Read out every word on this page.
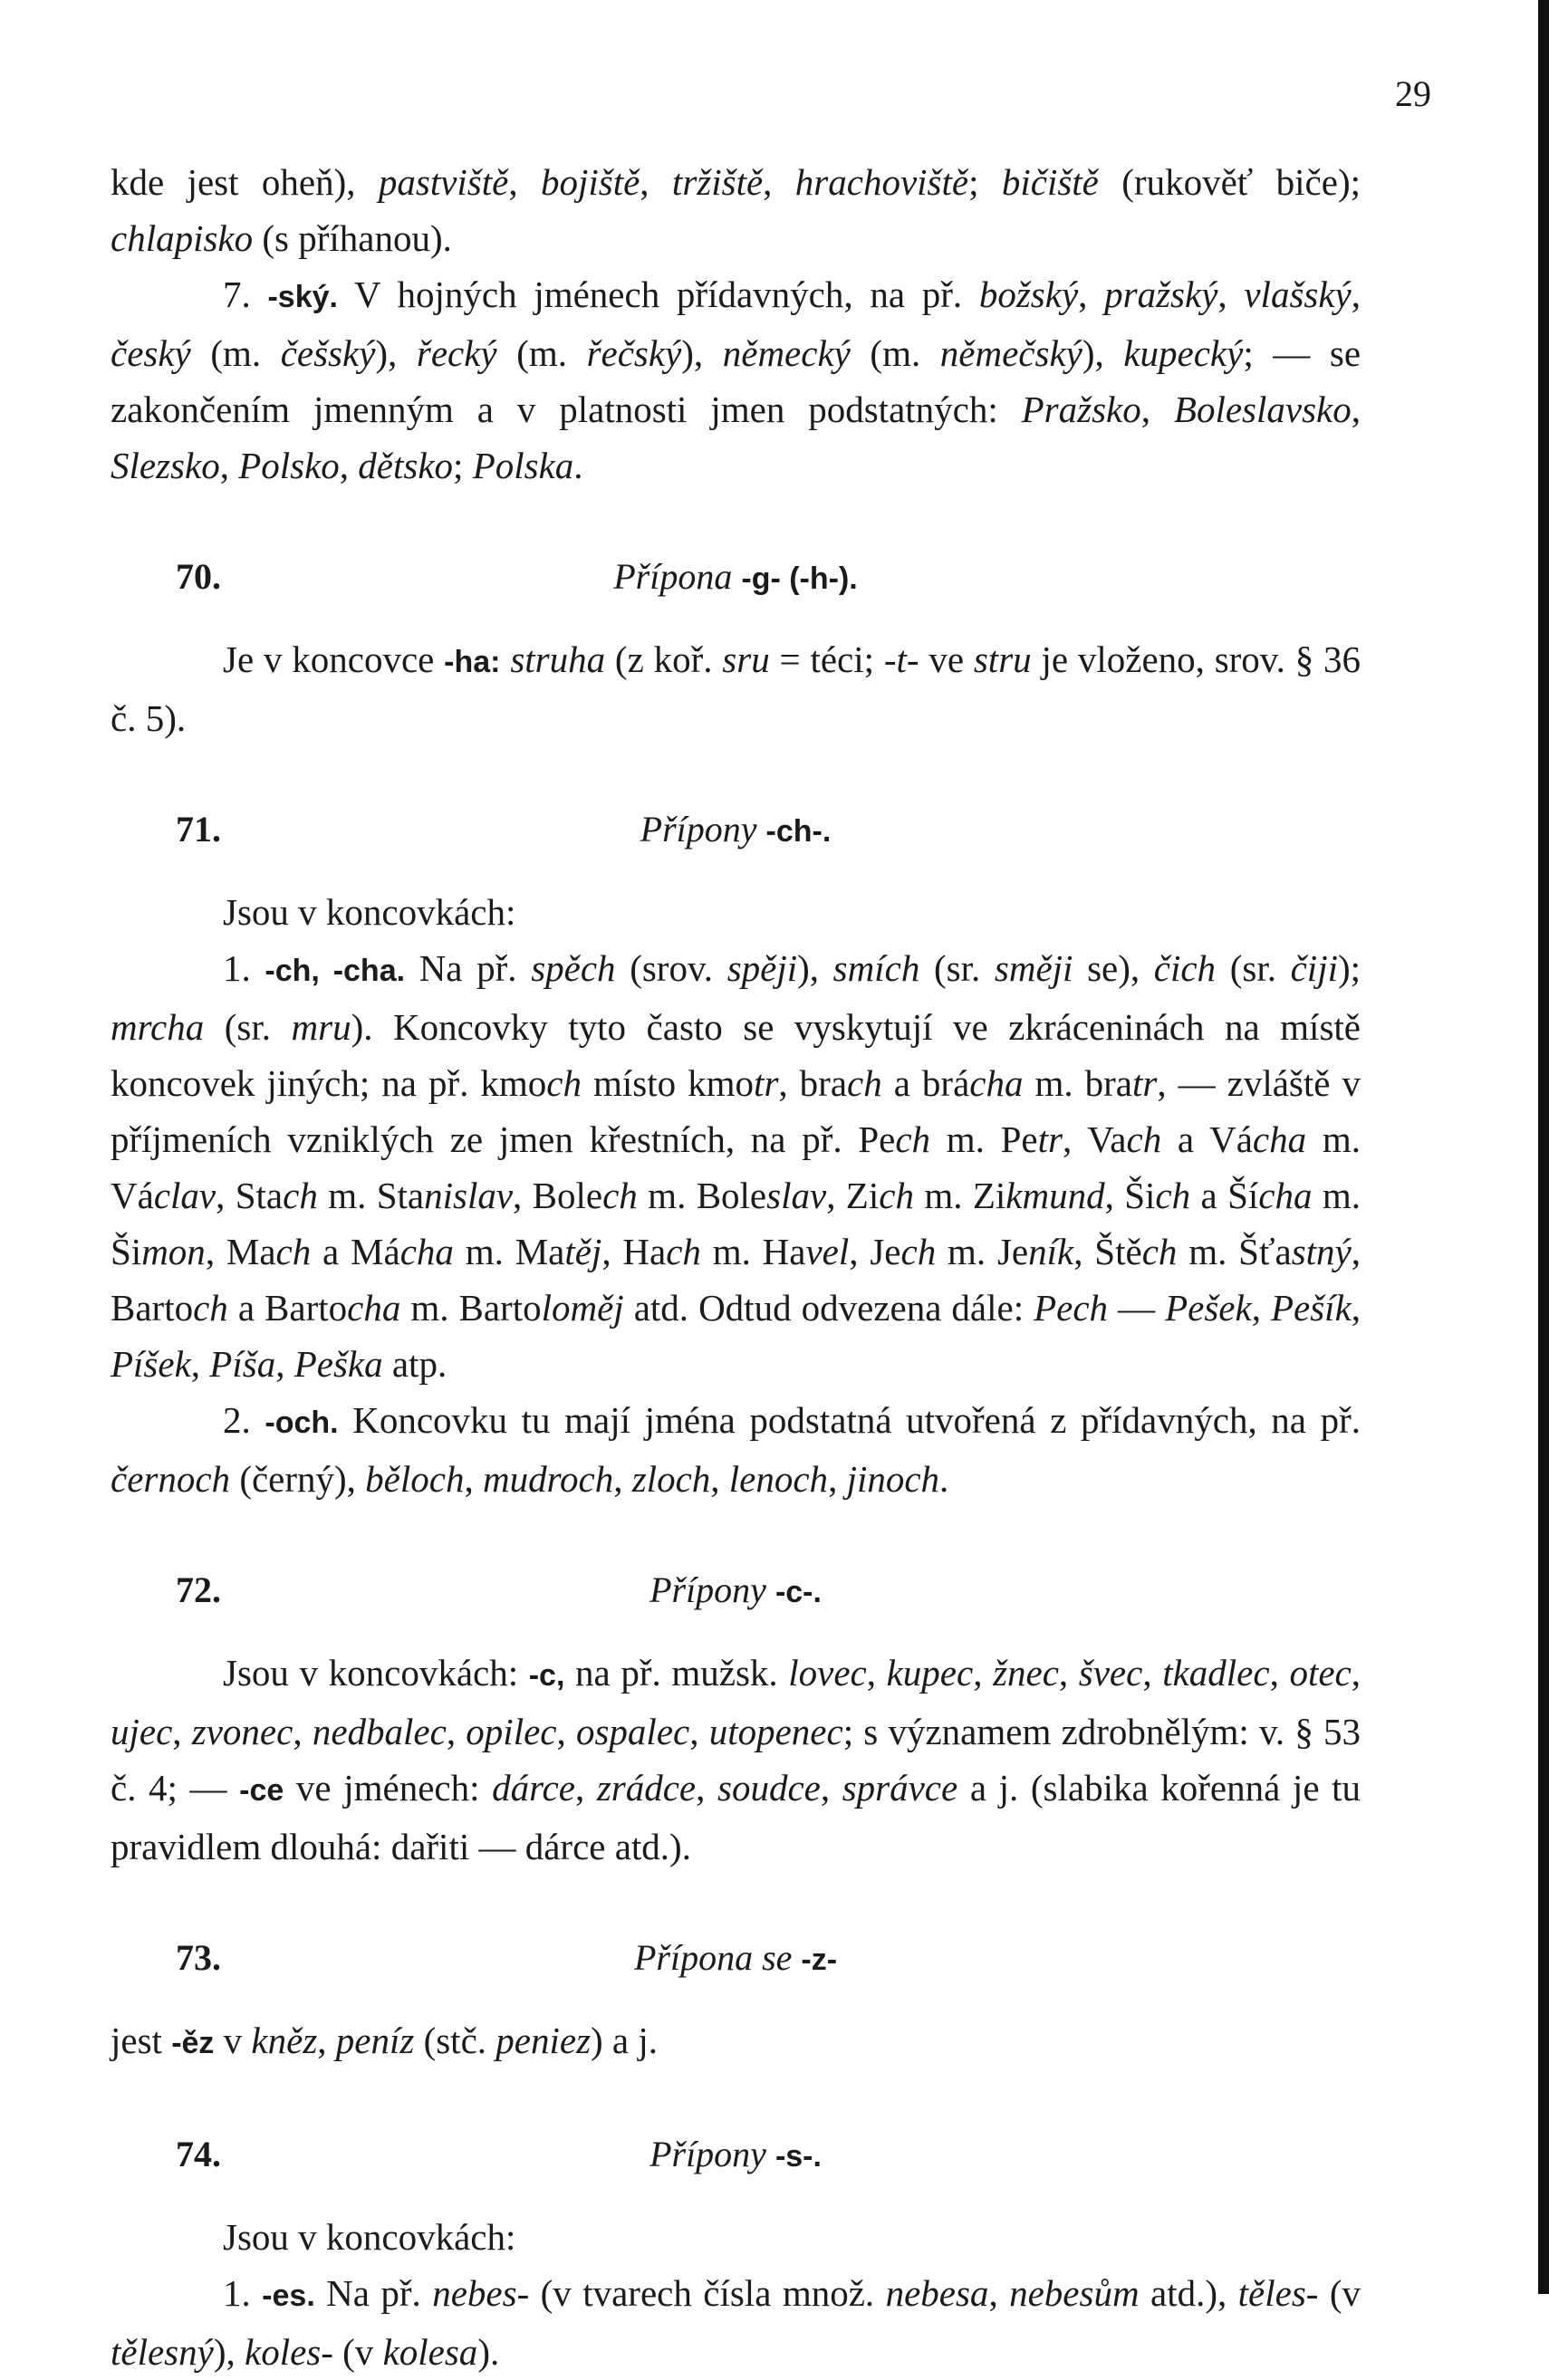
29

kde jest oheň), pastviště, bojiště, tržiště, hrachoviště; bičiště (rukověť biče); chlapisko (s příhanou).

7. -ský. V hojných jménech přídavných, na př. božský, pražský, vlašský, český (m. češský), řecký (m. řečský), německý (m. němečský), kupecký; — se zakončením jmenným a v platnosti jmen podstatných: Pražsko, Boleslavsko, Slezsko, Polsko, dětsko; Polska.

70.	Přípona -g- (-h-).

Je v koncovce -ha: struha (z koř. sru = téci; -t- ve stru je vloženo, srov. § 36 č. 5).

71.	Přípony -ch-.

Jsou v koncovkách:

1. -ch, -cha. Na př. spěch (srov. spěji), smích (sr. směji se), čich (sr. čiji); mrcha (sr. mru). Koncovky tyto často se vyskytují ve zkráceninách na místě koncovek jiných; na př. kmoch místo kmotr, brach a brácha m. bratr, — zvláště v příjmeních vzniklých ze jmen křestních, na př. Pech m. Petr, Vach a Vácha m. Václav, Stach m. Stanislav, Bolech m. Boleslav, Zich m. Zikmund, Šich a Šícha m. Šimon, Mach a Mácha m. Matěj, Hach m. Havel, Jech m. Jeník, Štěch m. Šťastný, Bartoch a Bartocha m. Bartoloměj atd. Odtud odvezena dále: Pech — Pešek, Pešík, Píšek, Píša, Peška atp.

2. -och. Koncovku tu mají jména podstatná utvořená z přídavných, na př. černoch (černý), běloch, mudroch, zloch, lenoch, jinoch.

72.	Přípony -c-.

Jsou v koncovkách: -c, na př. mužsk. lovec, kupec, žnec, švec, tkadlec, otec, ujec, zvonec, nedbalec, opilec, ospalec, utopenec; s významem zdrobnělým: v. § 53 č. 4; — -ce ve jménech: dárce, zrádce, soudce, správce a j. (slabika kořenná je tu pravidlem dlouhá: dařiti — dárce atd.).

73.	Přípona se -z-

jest -ěz v kněz, peníz (stč. peniez) a j.

74.	Přípony -s-.

Jsou v koncovkách:

1. -es. Na př. nebes- (v tvarech čísla množ. nebesa, nebesům atd.), těles- (v tělesný), koles- (v kolesa).
